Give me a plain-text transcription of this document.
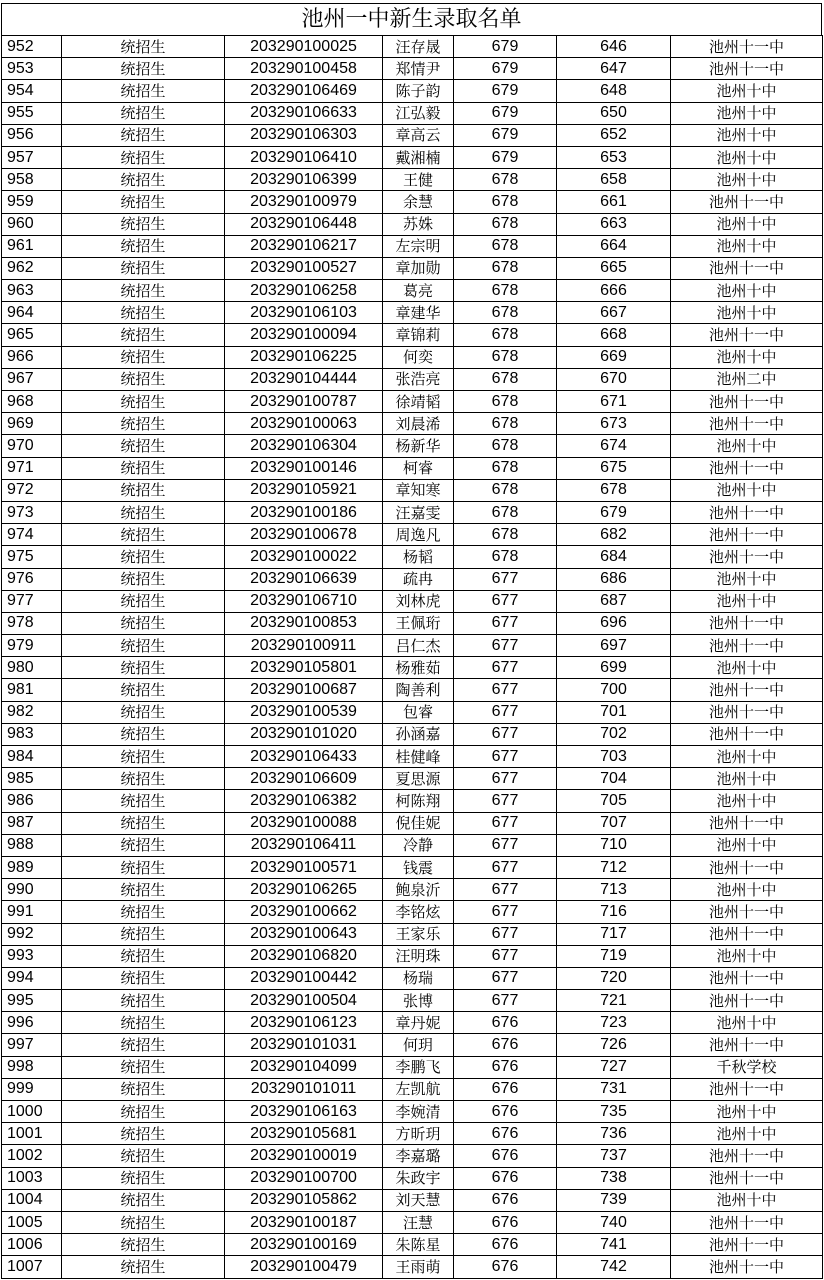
池州一中新生录取名单
952	统招生	203290100025	汪存晟	679	646	池州十一中
953	统招生	203290100458	郑情尹	679	647	池州十一中
954	统招生	203290106469	陈子韵	679	648	池州十中
955	统招生	203290106633	江弘毅	679	650	池州十中
956	统招生	203290106303	章高云	679	652	池州十中
957	统招生	203290106410	戴湘楠	679	653	池州十中
958	统招生	203290106399	王健	678	658	池州十中
959	统招生	203290100979	余慧	678	661	池州十一中
960	统招生	203290106448	苏姝	678	663	池州十中
961	统招生	203290106217	左宗明	678	664	池州十中
962	统招生	203290100527	章加勋	678	665	池州十一中
963	统招生	203290106258	葛亮	678	666	池州十中
964	统招生	203290106103	章建华	678	667	池州十中
965	统招生	203290100094	章锦莉	678	668	池州十一中
966	统招生	203290106225	何奕	678	669	池州十中
967	统招生	203290104444	张浩亮	678	670	池州二中
968	统招生	203290100787	徐靖韬	678	671	池州十一中
969	统招生	203290100063	刘晨浠	678	673	池州十一中
970	统招生	203290106304	杨新华	678	674	池州十中
971	统招生	203290100146	柯睿	678	675	池州十一中
972	统招生	203290105921	章知寒	678	678	池州十中
973	统招生	203290100186	汪嘉雯	678	679	池州十一中
974	统招生	203290100678	周逸凡	678	682	池州十一中
975	统招生	203290100022	杨韬	678	684	池州十一中
976	统招生	203290106639	疏冉	677	686	池州十中
977	统招生	203290106710	刘林虎	677	687	池州十中
978	统招生	203290100853	王佩珩	677	696	池州十一中
979	统招生	203290100911	吕仁杰	677	697	池州十一中
980	统招生	203290105801	杨雅茹	677	699	池州十中
981	统招生	203290100687	陶善利	677	700	池州十一中
982	统招生	203290100539	包睿	677	701	池州十一中
983	统招生	203290101020	孙涵嘉	677	702	池州十一中
984	统招生	203290106433	桂健峰	677	703	池州十中
985	统招生	203290106609	夏思源	677	704	池州十中
986	统招生	203290106382	柯陈翔	677	705	池州十中
987	统招生	203290100088	倪佳妮	677	707	池州十一中
988	统招生	203290106411	冷静	677	710	池州十中
989	统招生	203290100571	钱震	677	712	池州十一中
990	统招生	203290106265	鲍泉沂	677	713	池州十中
991	统招生	203290100662	李铭炫	677	716	池州十一中
992	统招生	203290100643	王家乐	677	717	池州十一中
993	统招生	203290106820	汪明珠	677	719	池州十中
994	统招生	203290100442	杨瑞	677	720	池州十一中
995	统招生	203290100504	张博	677	721	池州十一中
996	统招生	203290106123	章丹妮	676	723	池州十中
997	统招生	203290101031	何玥	676	726	池州十一中
998	统招生	203290104099	李鹏飞	676	727	千秋学校
999	统招生	203290101011	左凯航	676	731	池州十一中
1000	统招生	203290106163	李婉清	676	735	池州十中
1001	统招生	203290105681	方昕玥	676	736	池州十中
1002	统招生	203290100019	李嘉璐	676	737	池州十一中
1003	统招生	203290100700	朱政宇	676	738	池州十一中
1004	统招生	203290105862	刘天慧	676	739	池州十中
1005	统招生	203290100187	汪慧	676	740	池州十一中
1006	统招生	203290100169	朱陈星	676	741	池州十一中
1007	统招生	203290100479	王雨萌	676	742	池州十一中
